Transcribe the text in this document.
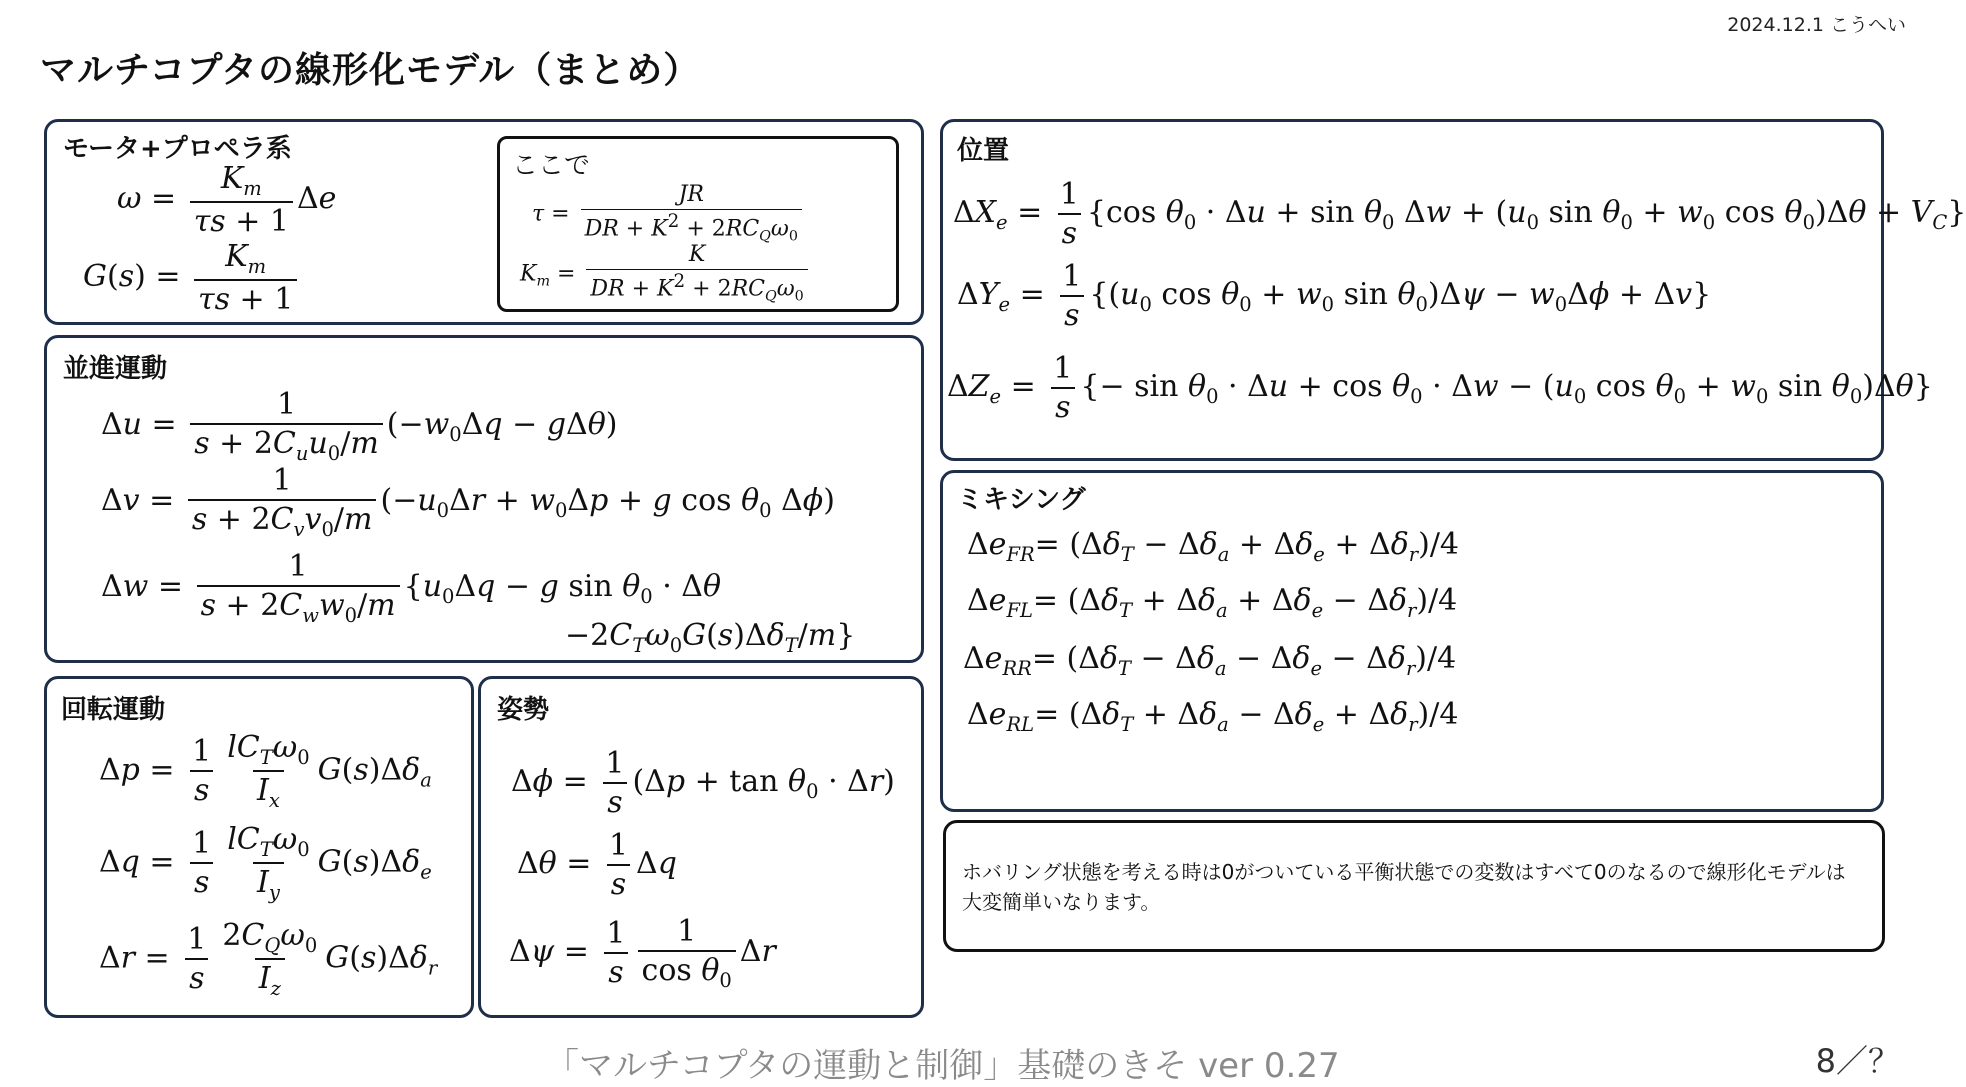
2024.12.1 こうへい
マルチコプタの線形化モデル（まとめ）
モータ+プロペラ系
$\omega = \frac{K_m}{\tau s + 1}$ Δe
$G(s) = \frac{K_m}{\tau s + 1}$
ここで
$\tau = \frac{JR}{DR + K^2 + 2RC_Q\omega_0}$
$K_m = \frac{K}{DR + K^2 + 2RC_Q\omega_0}$
並進運動
$\Delta u = \frac{1}{s + 2C_uu_0/m} (-w_0\Delta q - g\Delta\theta)$
$\Delta v = \frac{1}{s + 2C_vv_0/m} (-u_0\Delta r + w_0\Delta p + g$ $\cos \theta_0$ Δϕ)
$\Delta w = \frac{1}{s + 2C_ww_0/m} \{u_0\Delta q - g$ $\sin \theta_0 \cdot \Delta\theta$
$-2C_T\omega_0G(s)\Delta\delta_T/m$}
回転運動
$\Delta p = \frac{1}{s} \frac{lC_T\omega_0}{I_x} G(s)\Delta\delta_a$
$\Delta q = \frac{1}{s} \frac{lC_T\omega_0}{I_y} G(s)\Delta\delta_e$
$\Delta r = \frac{1}{s} \frac{2C_Q\omega_0}{I_z} G(s)\Delta\delta_r$
姿勢
$\Delta\phi = \frac{1}{s} (\Delta p + \tan \theta_0 \cdot \Delta r)$
$\Delta\theta = \frac{1}{s}$ Δq
$\Delta\psi = \frac{1}{s} \frac{1}{\cos \theta_0}$ Δr
位置
$\Delta X_e = \frac{1}{s} \{\cos$ $\theta_0 \cdot \Delta u + \sin \theta_0$ $\Delta w + (u_0$ $\sin \theta_0 + w_0$ $\cos \theta_0)\Delta\theta + V_C$}
$\Delta Y_e = \frac{1}{s} \{(u_0$ $\cos \theta_0 + w_0$ $\sin \theta_0)\Delta\psi - w_0\Delta\phi + \Delta v$}
$\Delta Z_e = \frac{1}{s}$ {− $\sin \theta_0 \cdot \Delta u + \cos \theta_0 \cdot \Delta w - (u_0$ $\cos \theta_0 + w_0$ $\sin \theta_0)\Delta\theta$}
ミキシング
$\Delta e_{FR}= (\Delta\delta_T - \Delta\delta_a + \Delta\delta_e + \Delta\delta_r)/4$
$\Delta e_{FL}= (\Delta\delta_T + \Delta\delta_a + \Delta\delta_e - \Delta\delta_r)/4$
$\Delta e_{RR}= (\Delta\delta_T - \Delta\delta_a - \Delta\delta_e - \Delta\delta_r)/4$
$\Delta e_{RL}= (\Delta\delta_T + \Delta\delta_a - \Delta\delta_e + \Delta\delta_r)/4$
ホバリング状態を考える時は0がついている平衡状態での変数はすべて0のなるので線形化モデルは大変簡単いなります。
「マルチコプタの運動と制御」基礎のきそ ver 0.27	8／？
